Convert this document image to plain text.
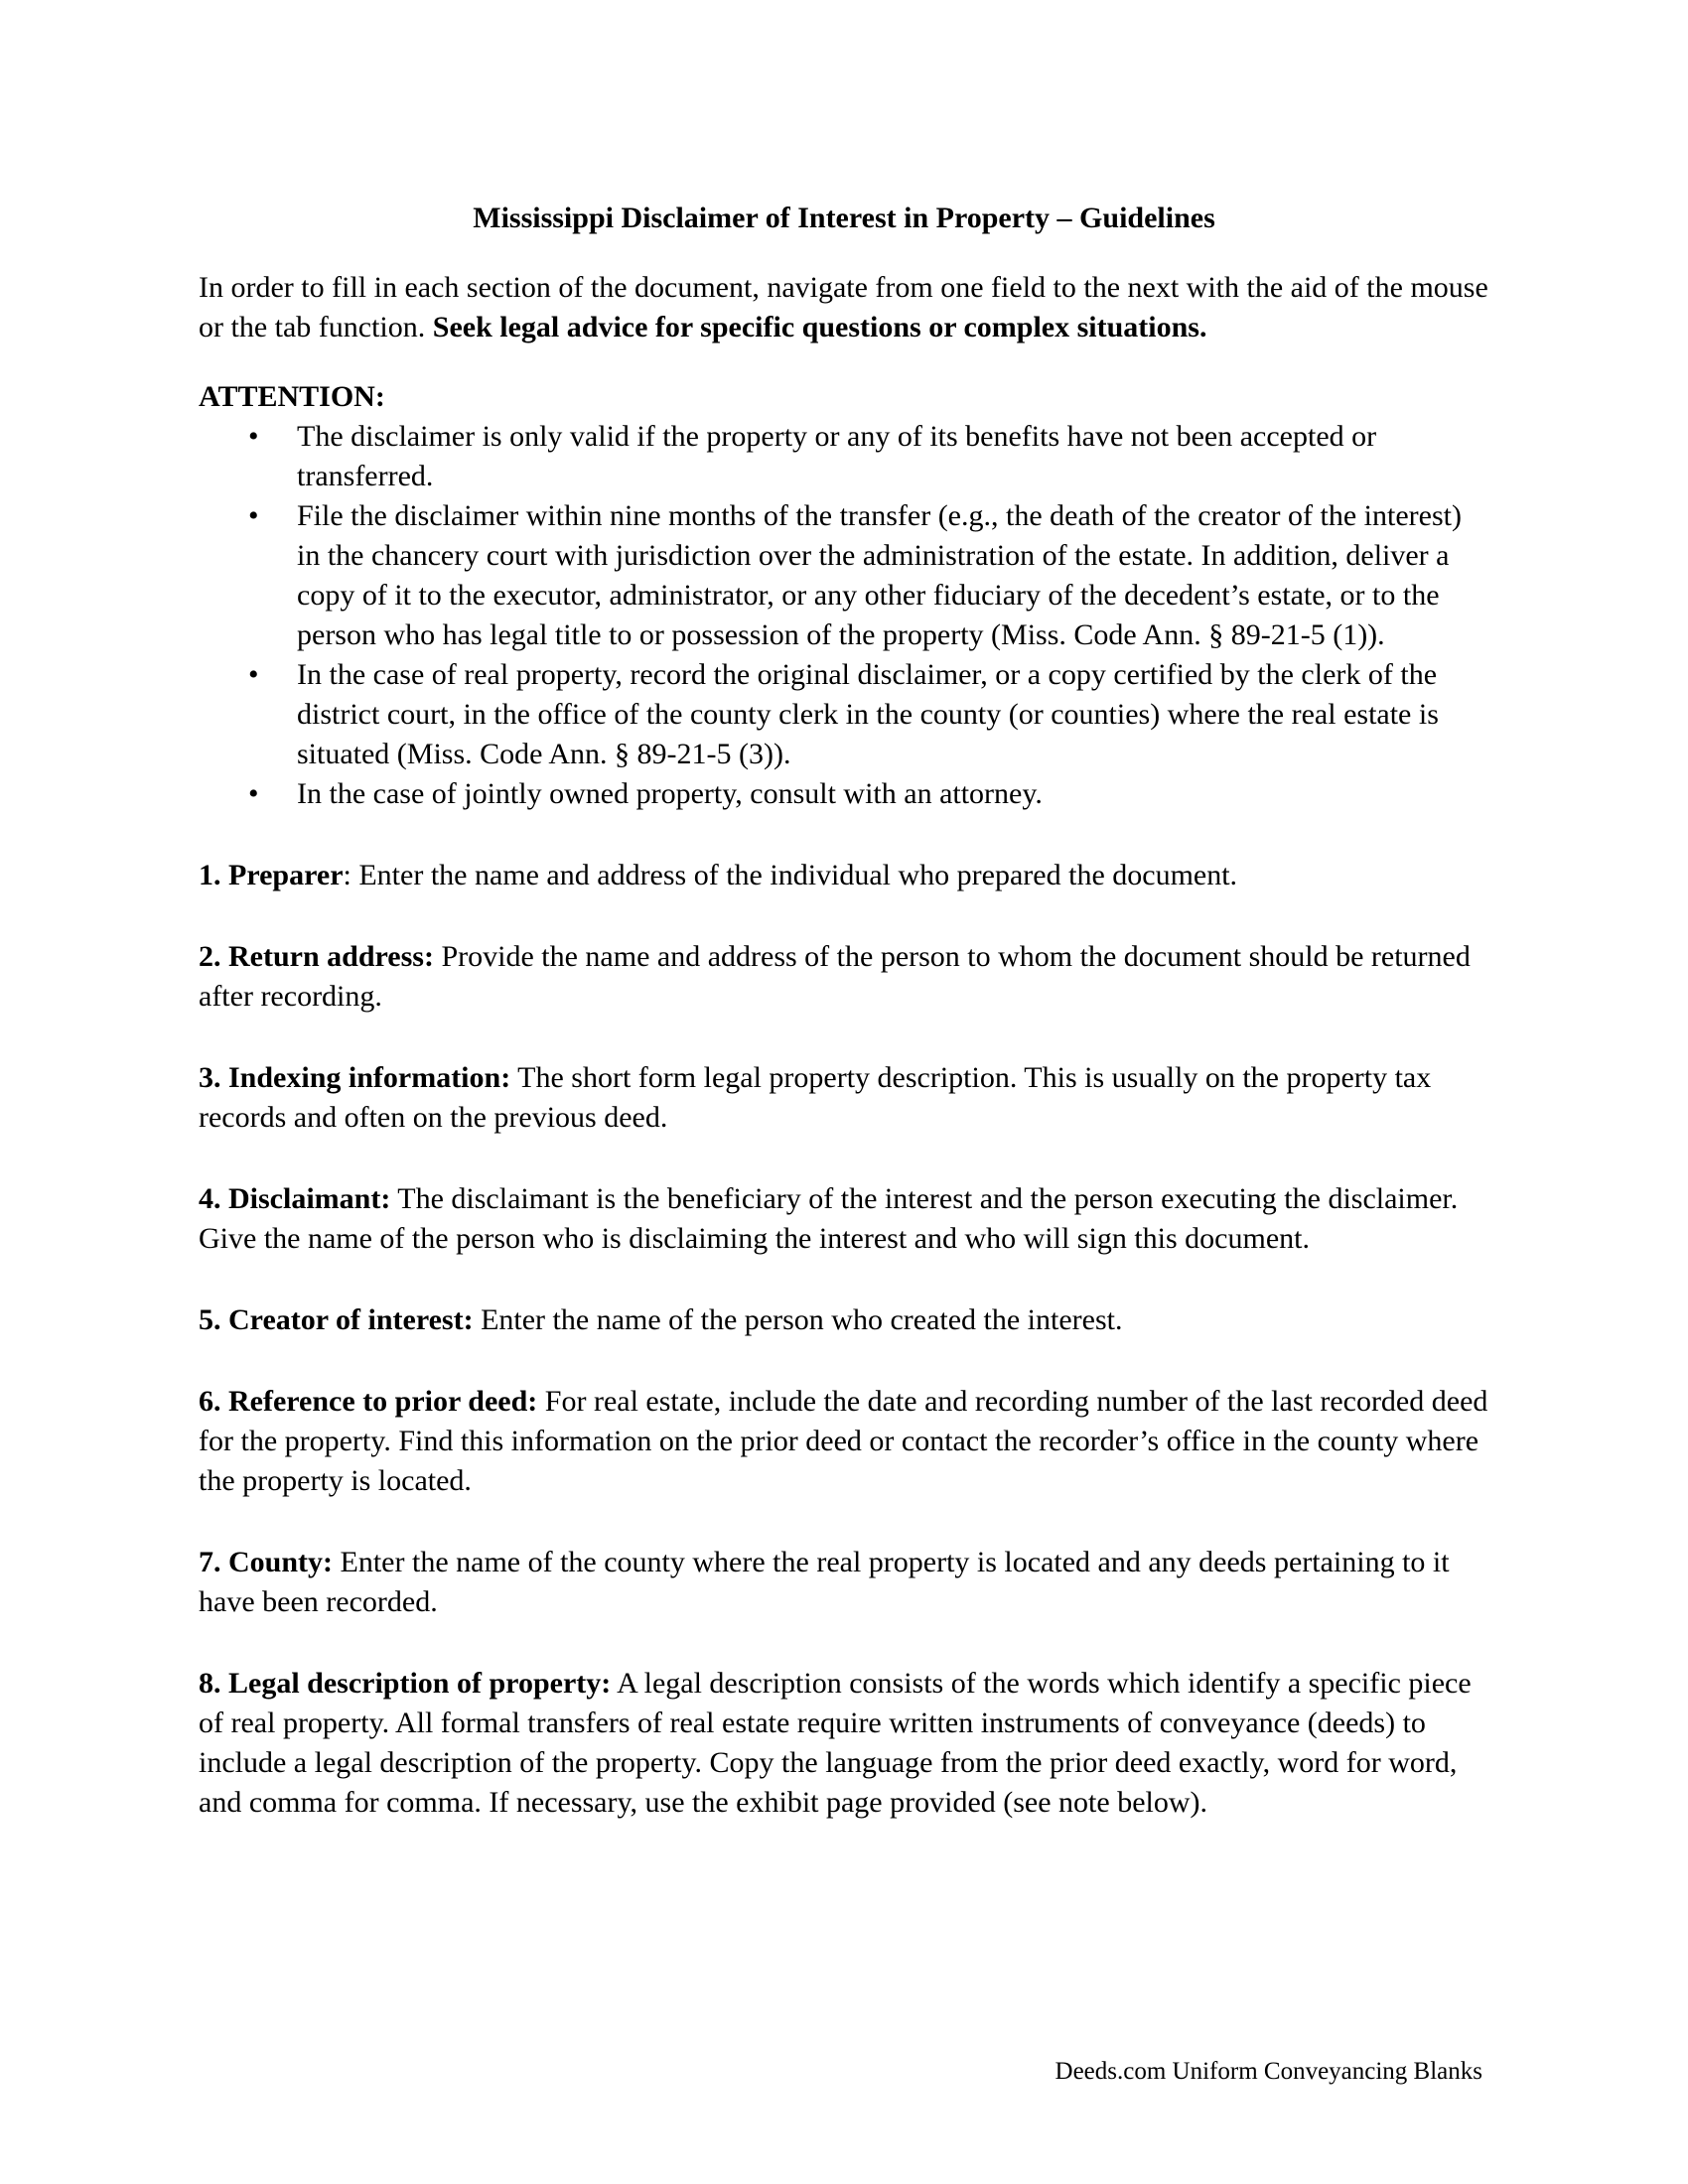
Mississippi Disclaimer of Interest in Property – Guidelines

In order to fill in each section of the document, navigate from one field to the next with the aid of the mouse or the tab function. Seek legal advice for specific questions or complex situations.

ATTENTION:

•	The disclaimer is only valid if the property or any of its benefits have not been accepted or transferred.
•	File the disclaimer within nine months of the transfer (e.g., the death of the creator of the interest) in the chancery court with jurisdiction over the administration of the estate. In addition, deliver a copy of it to the executor, administrator, or any other fiduciary of the decedent’s estate, or to the person who has legal title to or possession of the property (Miss. Code Ann. § 89-21-5 (1)).
•	In the case of real property, record the original disclaimer, or a copy certified by the clerk of the district court, in the office of the county clerk in the county (or counties) where the real estate is situated (Miss. Code Ann. § 89-21-5 (3)).
•	In the case of jointly owned property, consult with an attorney.

1. Preparer: Enter the name and address of the individual who prepared the document.

2. Return address: Provide the name and address of the person to whom the document should be returned after recording.

3. Indexing information: The short form legal property description. This is usually on the property tax records and often on the previous deed.

4. Disclaimant: The disclaimant is the beneficiary of the interest and the person executing the disclaimer. Give the name of the person who is disclaiming the interest and who will sign this document.

5. Creator of interest: Enter the name of the person who created the interest.

6. Reference to prior deed: For real estate, include the date and recording number of the last recorded deed for the property. Find this information on the prior deed or contact the recorder’s office in the county where the property is located.

7. County: Enter the name of the county where the real property is located and any deeds pertaining to it have been recorded.

8. Legal description of property: A legal description consists of the words which identify a specific piece of real property. All formal transfers of real estate require written instruments of conveyance (deeds) to include a legal description of the property. Copy the language from the prior deed exactly, word for word, and comma for comma. If necessary, use the exhibit page provided (see note below).

Deeds.com Uniform Conveyancing Blanks
